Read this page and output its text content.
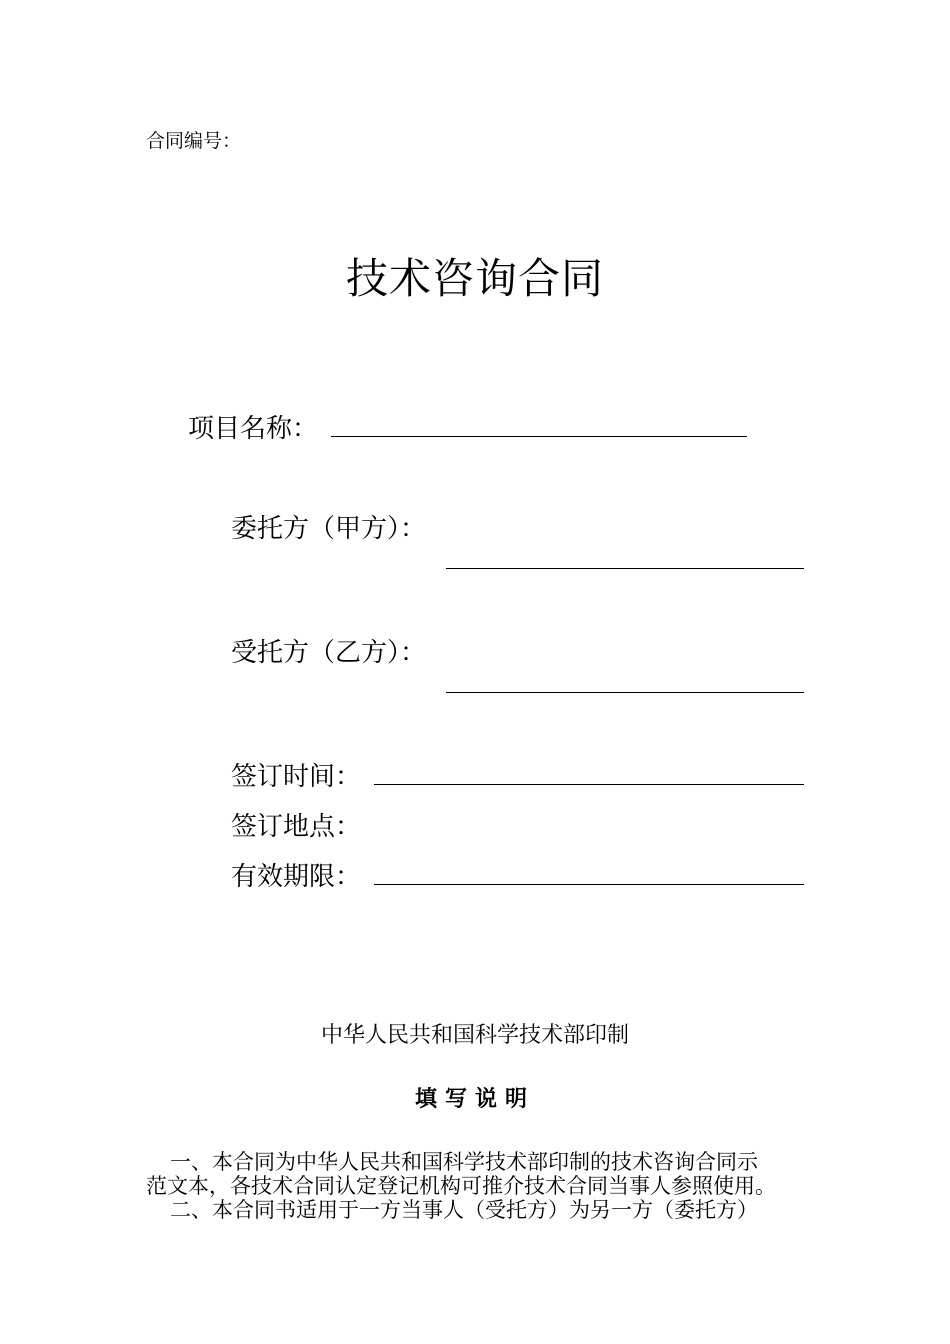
合同编号：
技术咨询合同
项目名称：
委托方（甲方）：
受托方（乙方）：
签订时间：
签订地点：
有效期限：
中华人民共和国科学技术部印制
填写说明
一、本合同为中华人民共和国科学技术部印制的技术咨询合同示
范文本，各技术合同认定登记机构可推介技术合同当事人参照使用。
二、本合同书适用于一方当事人（受托方）为另一方（委托方）
